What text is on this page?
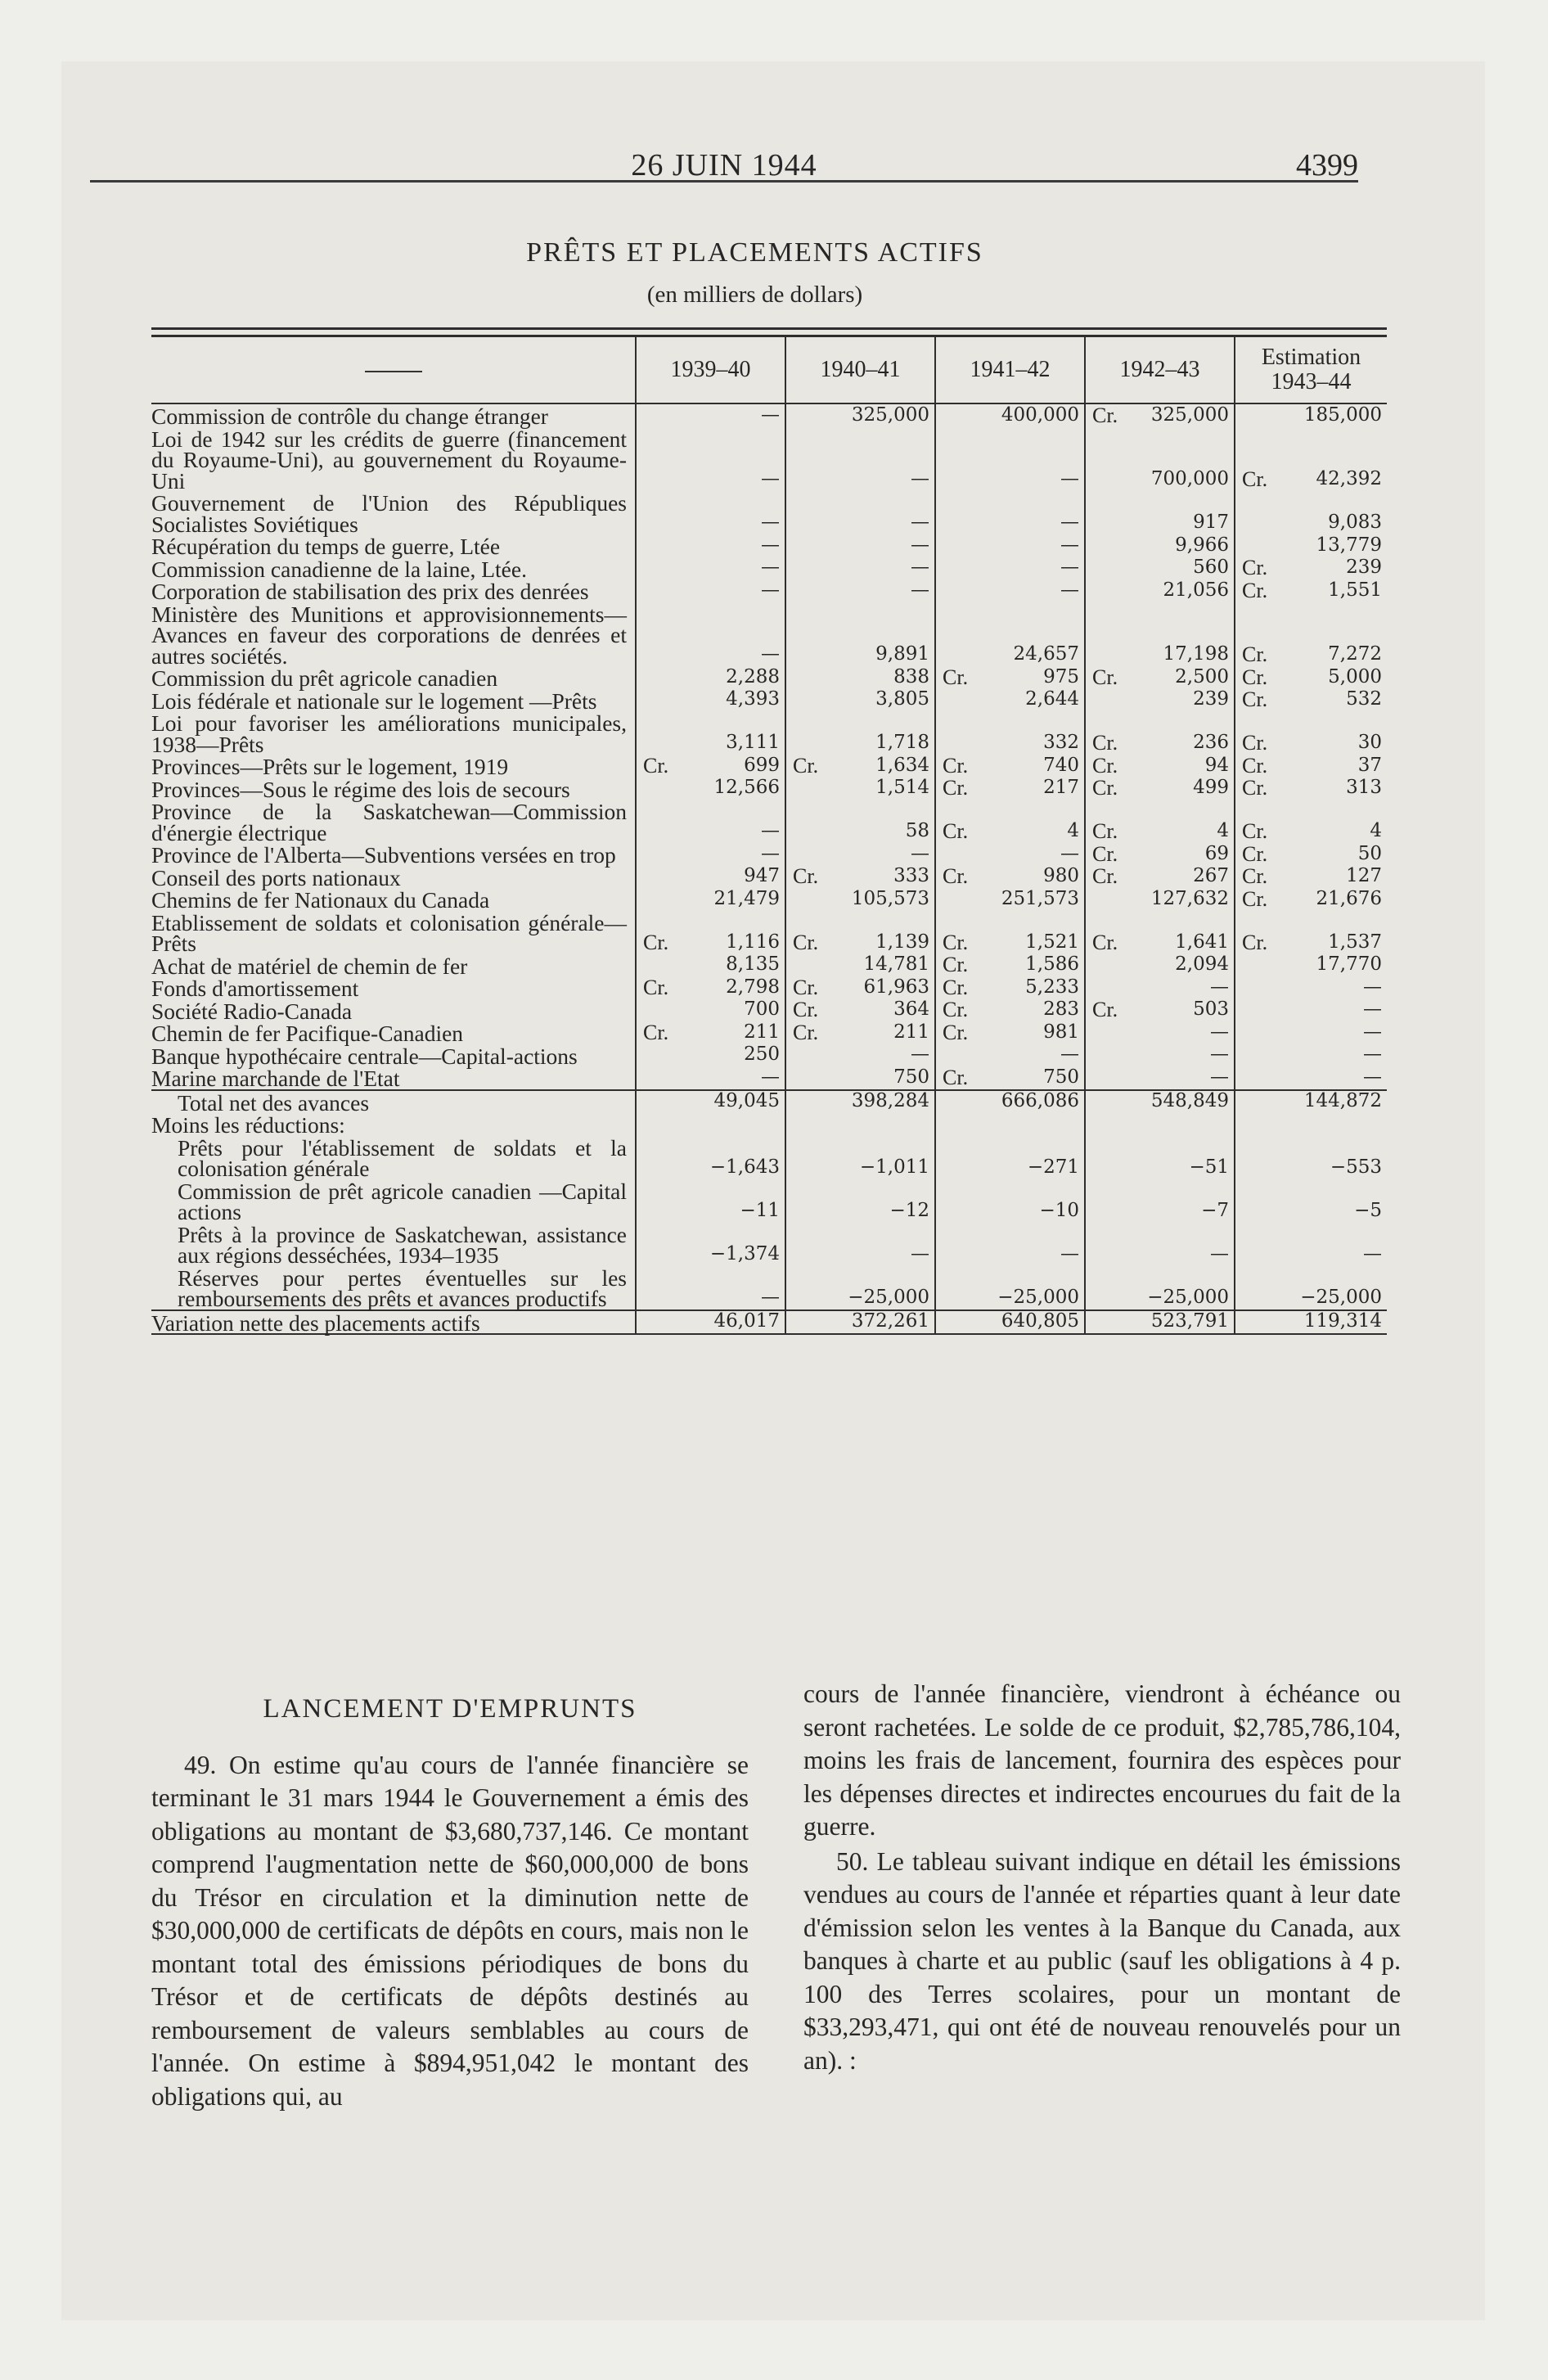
26 JUIN 1944	4399
PRÊTS ET PLACEMENTS ACTIFS
(en milliers de dollars)
	1939–40	1940–41	1941–42	1942–43	Estimation 1943–44
Commission de contrôle du change étranger	—	325,000	400,000	Cr. 325,000	185,000

Loi de 1942 sur les crédits de guerre (financement du Royaume-Uni), au gouvernement du Royaume-Uni	—	—	—	700,000	Cr. 42,392

Gouvernement de l'Union des Républiques Socialistes Soviétiques	—	—	—	917	9,083

Récupération du temps de guerre, Ltée	—	—	—	9,966	13,779

Commission canadienne de la laine, Ltée.	—	—	—	560	Cr. 239

Corporation de stabilisation des prix des denrées	—	—	—	21,056	Cr. 1,551

Ministère des Munitions et approvisionnements—Avances en faveur des corporations de denrées et autres sociétés.	—	9,891	24,657	17,198	Cr. 7,272

Commission du prêt agricole canadien	2,288	838	Cr. 975	Cr. 2,500	Cr. 5,000

Lois fédérale et nationale sur le logement —Prêts	4,393	3,805	2,644	239	Cr. 532

Loi pour favoriser les améliorations municipales, 1938—Prêts	3,111	1,718	332	Cr. 236	Cr. 30

Provinces—Prêts sur le logement, 1919	Cr. 699	Cr. 1,634	Cr. 740	Cr. 94	Cr. 37

Provinces—Sous le régime des lois de secours	12,566	1,514	Cr. 217	Cr. 499	Cr. 313

Province de la Saskatchewan—Commission d'énergie électrique	—	58	Cr. 4	Cr. 4	Cr. 4

Province de l'Alberta—Subventions versées en trop	—	—	—	Cr. 69	Cr. 50

Conseil des ports nationaux	947	Cr. 333	Cr. 980	Cr. 267	Cr. 127

Chemins de fer Nationaux du Canada	21,479	105,573	251,573	127,632	Cr. 21,676

Etablissement de soldats et colonisation générale—Prêts	Cr. 1,116	Cr. 1,139	Cr. 1,521	Cr. 1,641	Cr. 1,537

Achat de matériel de chemin de fer	8,135	14,781	Cr. 1,586	2,094	17,770

Fonds d'amortissement	Cr. 2,798	Cr. 61,963	Cr. 5,233	—	—

Société Radio-Canada	700	Cr. 364	Cr. 283	Cr. 503	—

Chemin de fer Pacifique-Canadien	Cr. 211	Cr. 211	Cr. 981	—	—

Banque hypothécaire centrale—Capital-actions	250	—	—	—	—

Marine marchande de l'Etat	—	750	Cr. 750	—	—

Total net des avances	49,045	398,284	666,086	548,849	144,872

Moins les réductions:					

Prêts pour l'établissement de soldats et la colonisation générale	−1,643	−1,011	−271	−51	−553

Commission de prêt agricole canadien —Capital actions	−11	−12	−10	−7	−5

Prêts à la province de Saskatchewan, assistance aux régions desséchées, 1934–1935	−1,374	—	—	—	—

Réserves pour pertes éventuelles sur les remboursements des prêts et avances productifs	—	−25,000	−25,000	−25,000	−25,000

Variation nette des placements actifs	46,017	372,261	640,805	523,791	119,314
LANCEMENT D'EMPRUNTS

49. On estime qu'au cours de l'année financière se terminant le 31 mars 1944 le Gouvernement a émis des obligations au montant de $3,680,737,146. Ce montant comprend l'augmentation nette de $60,000,000 de bons du Trésor en circulation et la diminution nette de $30,000,000 de certificats de dépôts en cours, mais non le montant total des émissions périodiques de bons du Trésor et de certificats de dépôts destinés au remboursement de valeurs semblables au cours de l'année. On estime à $894,951,042 le montant des obligations qui, au

cours de l'année financière, viendront à échéance ou seront rachetées. Le solde de ce produit, $2,785,786,104, moins les frais de lancement, fournira des espèces pour les dépenses directes et indirectes encourues du fait de la guerre.

50. Le tableau suivant indique en détail les émissions vendues au cours de l'année et réparties quant à leur date d'émission selon les ventes à la Banque du Canada, aux banques à charte et au public (sauf les obligations à 4 p. 100 des Terres scolaires, pour un montant de $33,293,471, qui ont été de nouveau renouvelés pour un an). :
